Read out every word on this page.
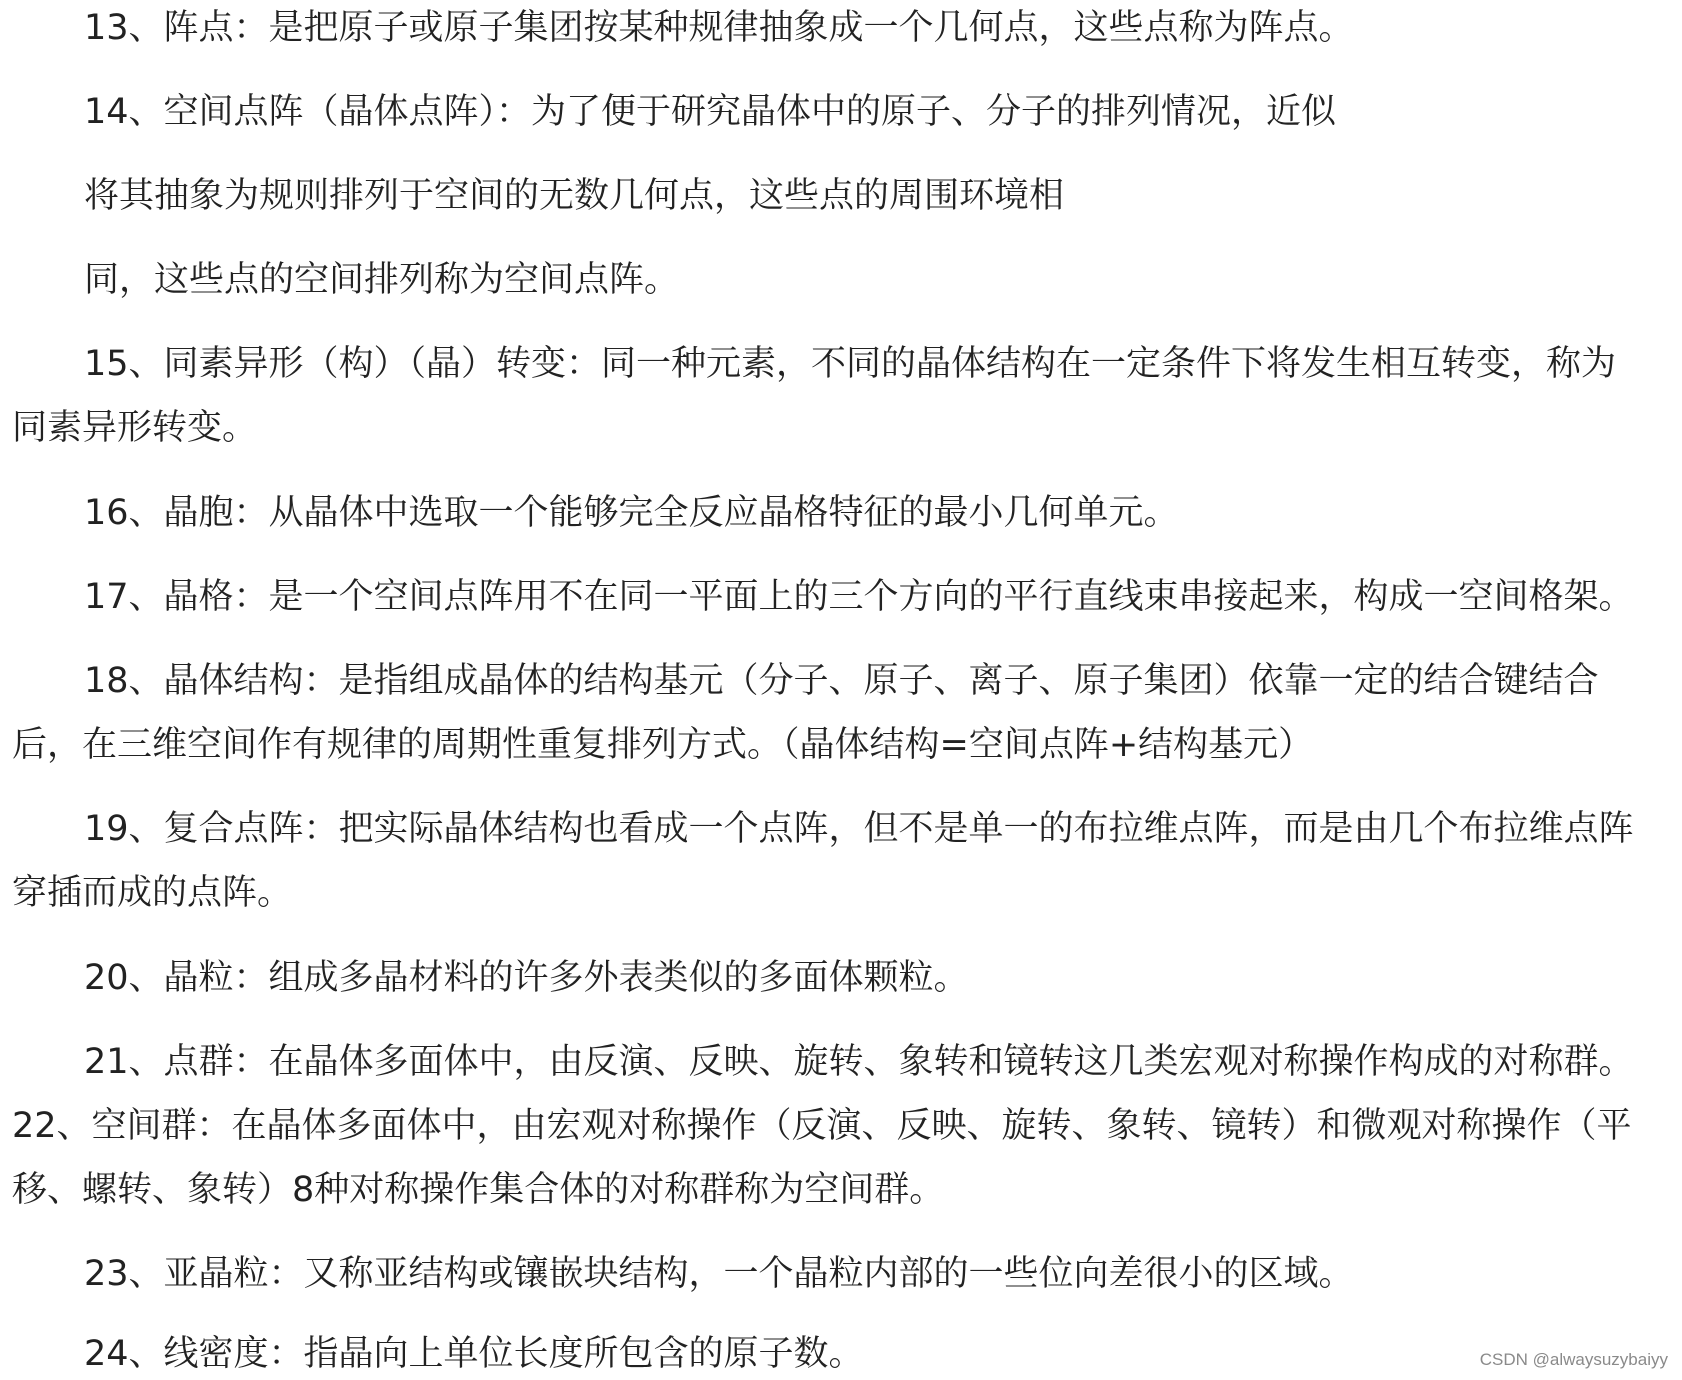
13、阵点：是把原子或原子集团按某种规律抽象成一个几何点，这些点称为阵点。
14、空间点阵（晶体点阵）：为了便于研究晶体中的原子、分子的排列情况，近似
将其抽象为规则排列于空间的无数几何点，这些点的周围环境相
同，这些点的空间排列称为空间点阵。
15、同素异形（构）（晶）转变：同一种元素，不同的晶体结构在一定条件下将发生相互转变，称为
同素异形转变。
16、晶胞：从晶体中选取一个能够完全反应晶格特征的最小几何单元。
17、晶格：是一个空间点阵用不在同一平面上的三个方向的平行直线束串接起来，构成一空间格架。
18、晶体结构：是指组成晶体的结构基元（分子、原子、离子、原子集团）依靠一定的结合键结合
后，在三维空间作有规律的周期性重复排列方式。（晶体结构=空间点阵+结构基元）
19、复合点阵：把实际晶体结构也看成一个点阵，但不是单一的布拉维点阵，而是由几个布拉维点阵
穿插而成的点阵。
20、晶粒：组成多晶材料的许多外表类似的多面体颗粒。
21、点群：在晶体多面体中，由反演、反映、旋转、象转和镜转这几类宏观对称操作构成的对称群。
22、空间群：在晶体多面体中，由宏观对称操作（反演、反映、旋转、象转、镜转）和微观对称操作（平
移、螺转、象转）8种对称操作集合体的对称群称为空间群。
23、亚晶粒：又称亚结构或镶嵌块结构，一个晶粒内部的一些位向差很小的区域。
24、线密度：指晶向上单位长度所包含的原子数。	CSDN @alwaysuzybaiyy
